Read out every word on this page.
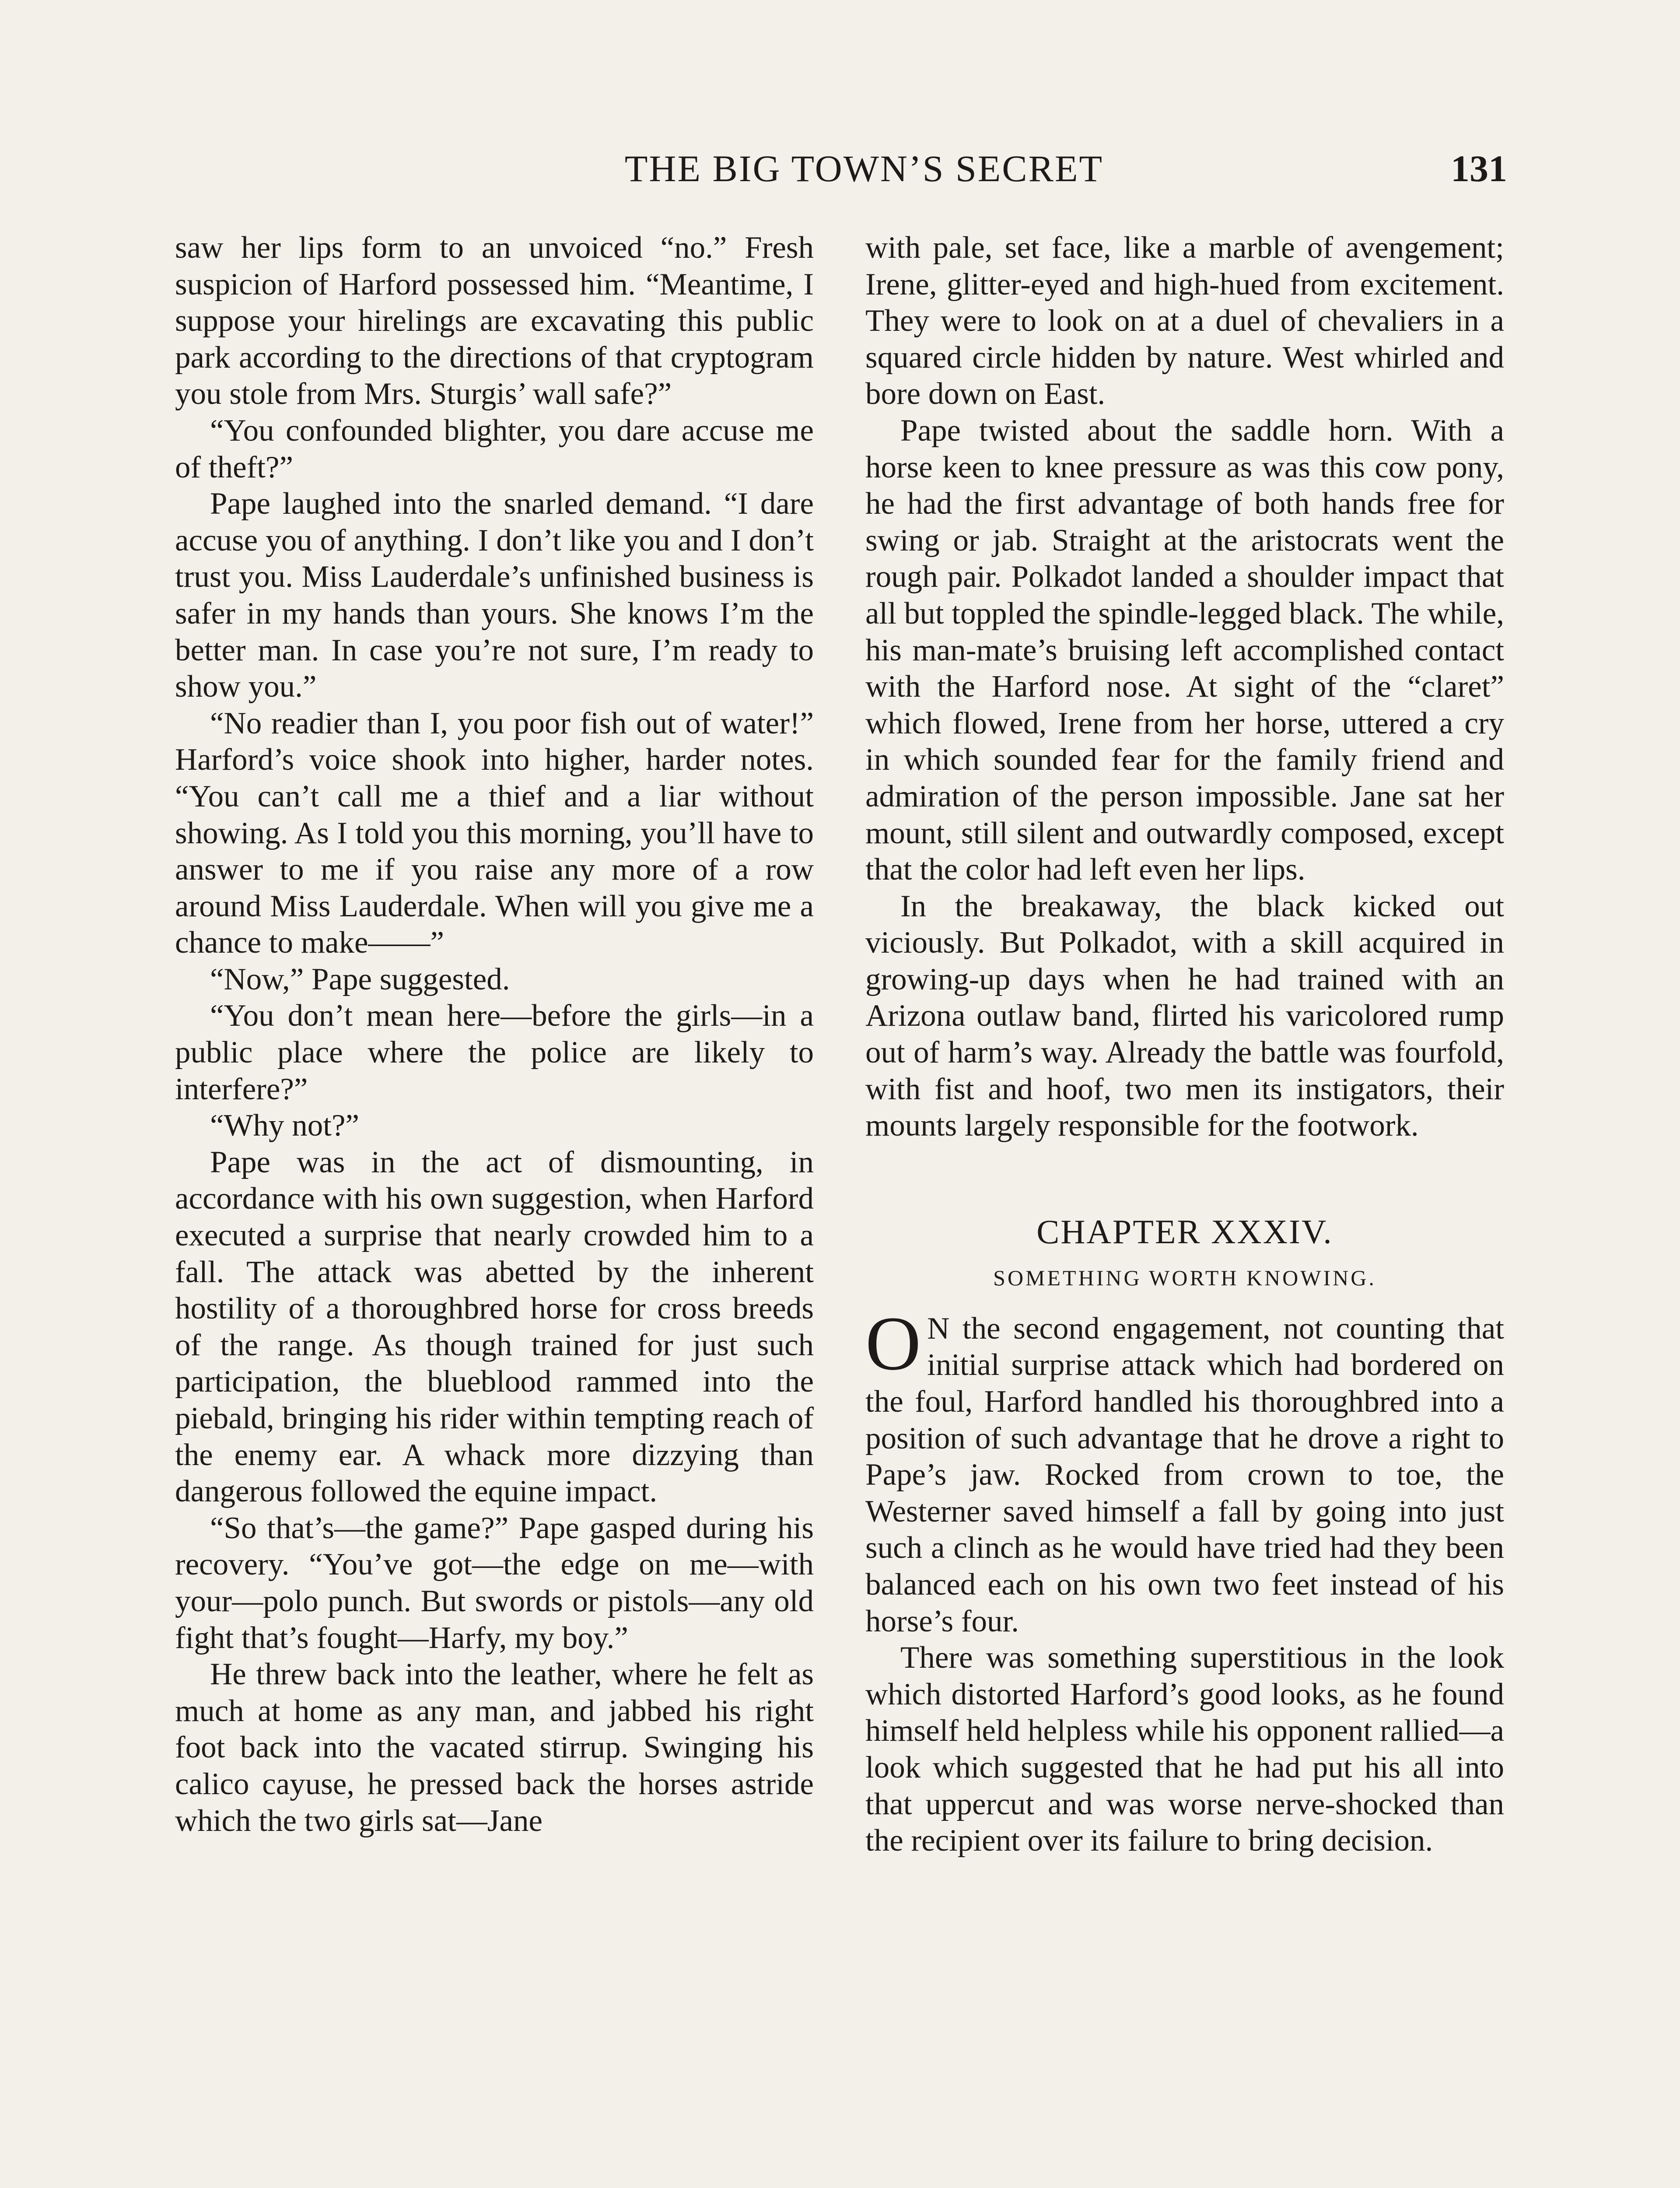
THE BIG TOWN’S SECRET	131

saw her lips form to an unvoiced “no.” Fresh suspicion of Harford possessed him. “Meantime, I suppose your hirelings are excavating this public park according to the directions of that cryptogram you stole from Mrs. Sturgis’ wall safe?”

“You confounded blighter, you dare accuse me of theft?”

Pape laughed into the snarled demand. “I dare accuse you of anything. I don’t like you and I don’t trust you. Miss Lauderdale’s unfinished business is safer in my hands than yours. She knows I’m the better man. In case you’re not sure, I’m ready to show you.”

“No readier than I, you poor fish out of water!” Harford’s voice shook into higher, harder notes. “You can’t call me a thief and a liar without showing. As I told you this morning, you’ll have to answer to me if you raise any more of a row around Miss Lauderdale. When will you give me a chance to make——”

“Now,” Pape suggested.

“You don’t mean here—before the girls—in a public place where the police are likely to interfere?”

“Why not?”

Pape was in the act of dismounting, in accordance with his own suggestion, when Harford executed a surprise that nearly crowded him to a fall. The attack was abetted by the inherent hostility of a thoroughbred horse for cross breeds of the range. As though trained for just such participation, the blueblood rammed into the piebald, bringing his rider within tempting reach of the enemy ear. A whack more dizzying than dangerous followed the equine impact.

“So that’s—the game?” Pape gasped during his recovery. “You’ve got—the edge on me—with your—polo punch. But swords or pistols—any old fight that’s fought—Harfy, my boy.”

He threw back into the leather, where he felt as much at home as any man, and jabbed his right foot back into the vacated stirrup. Swinging his calico cayuse, he pressed back the horses astride which the two girls sat—Jane

with pale, set face, like a marble of avengement; Irene, glitter-eyed and high-hued from excitement. They were to look on at a duel of chevaliers in a squared circle hidden by nature. West whirled and bore down on East.

Pape twisted about the saddle horn. With a horse keen to knee pressure as was this cow pony, he had the first advantage of both hands free for swing or jab. Straight at the aristocrats went the rough pair. Polkadot landed a shoulder impact that all but toppled the spindle-legged black. The while, his man-mate’s bruising left accomplished contact with the Harford nose. At sight of the “claret” which flowed, Irene from her horse, uttered a cry in which sounded fear for the family friend and admiration of the person impossible. Jane sat her mount, still silent and outwardly composed, except that the color had left even her lips.

In the breakaway, the black kicked out viciously. But Polkadot, with a skill acquired in growing-up days when he had trained with an Arizona outlaw band, flirted his varicolored rump out of harm’s way. Already the battle was fourfold, with fist and hoof, two men its instigators, their mounts largely responsible for the footwork.

CHAPTER XXXIV.
SOMETHING WORTH KNOWING.

O N the second engagement, not counting that initial surprise attack which had bordered on the foul, Harford handled his thoroughbred into a position of such advantage that he drove a right to Pape’s jaw. Rocked from crown to toe, the Westerner saved himself a fall by going into just such a clinch as he would have tried had they been balanced each on his own two feet instead of his horse’s four.

There was something superstitious in the look which distorted Harford’s good looks, as he found himself held helpless while his opponent rallied—a look which suggested that he had put his all into that uppercut and was worse nerve-shocked than the recipient over its failure to bring decision.
